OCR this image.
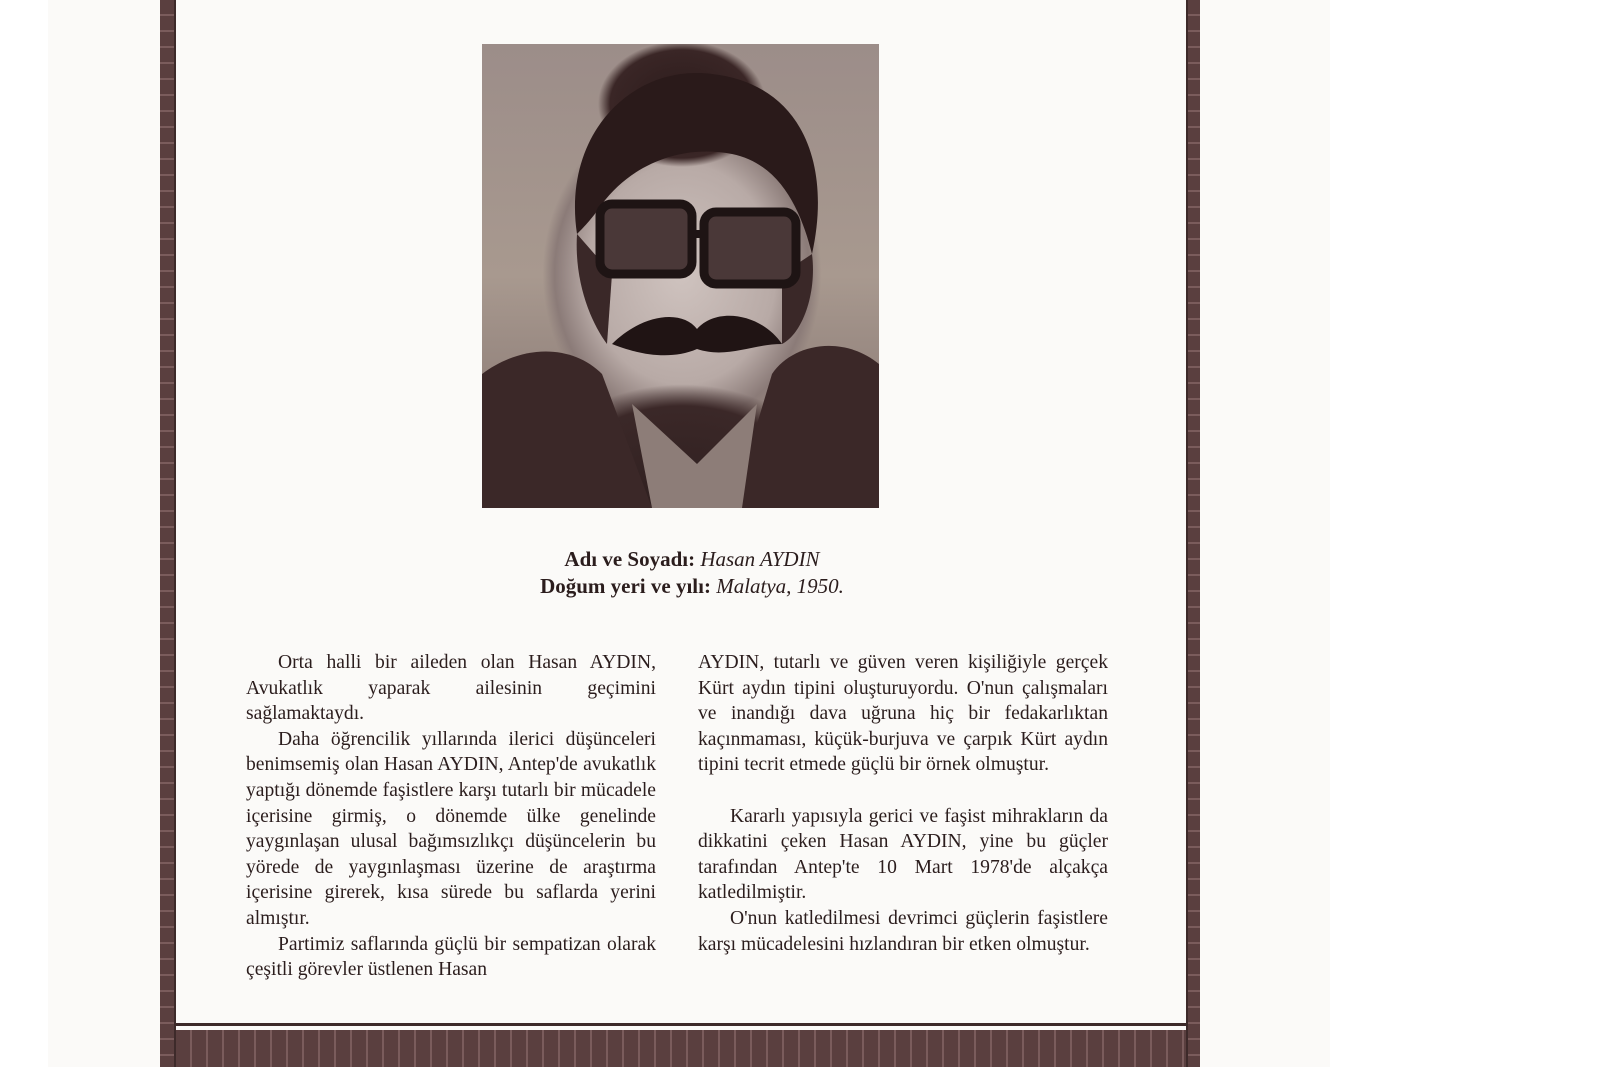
Adı ve Soyadı: Hasan AYDIN
Doğum yeri ve yılı: Malatya, 1950.

Orta halli bir aileden olan Hasan AYDIN, Avukatlık yaparak ailesinin geçimini sağlamaktaydı.

Daha öğrencilik yıllarında ilerici düşünceleri benimsemiş olan Hasan AYDIN, Antep'de avukatlık yaptığı dönemde faşistlere karşı tutarlı bir mücadele içerisine girmiş, o dönemde ülke genelinde yaygınlaşan ulusal bağımsızlıkçı düşüncelerin bu yörede de yaygınlaşması üzerine de araştırma içerisine girerek, kısa sürede bu saflarda yerini almıştır.

Partimiz saflarında güçlü bir sempatizan olarak çeşitli görevler üstlenen Hasan

AYDIN, tutarlı ve güven veren kişiliğiyle gerçek Kürt aydın tipini oluşturuyordu. O'nun çalışmaları ve inandığı dava uğruna hiç bir fedakarlıktan kaçınmaması, küçük-burjuva ve çarpık Kürt aydın tipini tecrit etmede güçlü bir örnek olmuştur.

Kararlı yapısıyla gerici ve faşist mihrakların da dikkatini çeken Hasan AYDIN, yine bu güçler tarafından Antep'te 10 Mart 1978'de alçakça katledilmiştir.

O'nun katledilmesi devrimci güçlerin faşistlere karşı mücadelesini hızlandıran bir etken olmuştur.
